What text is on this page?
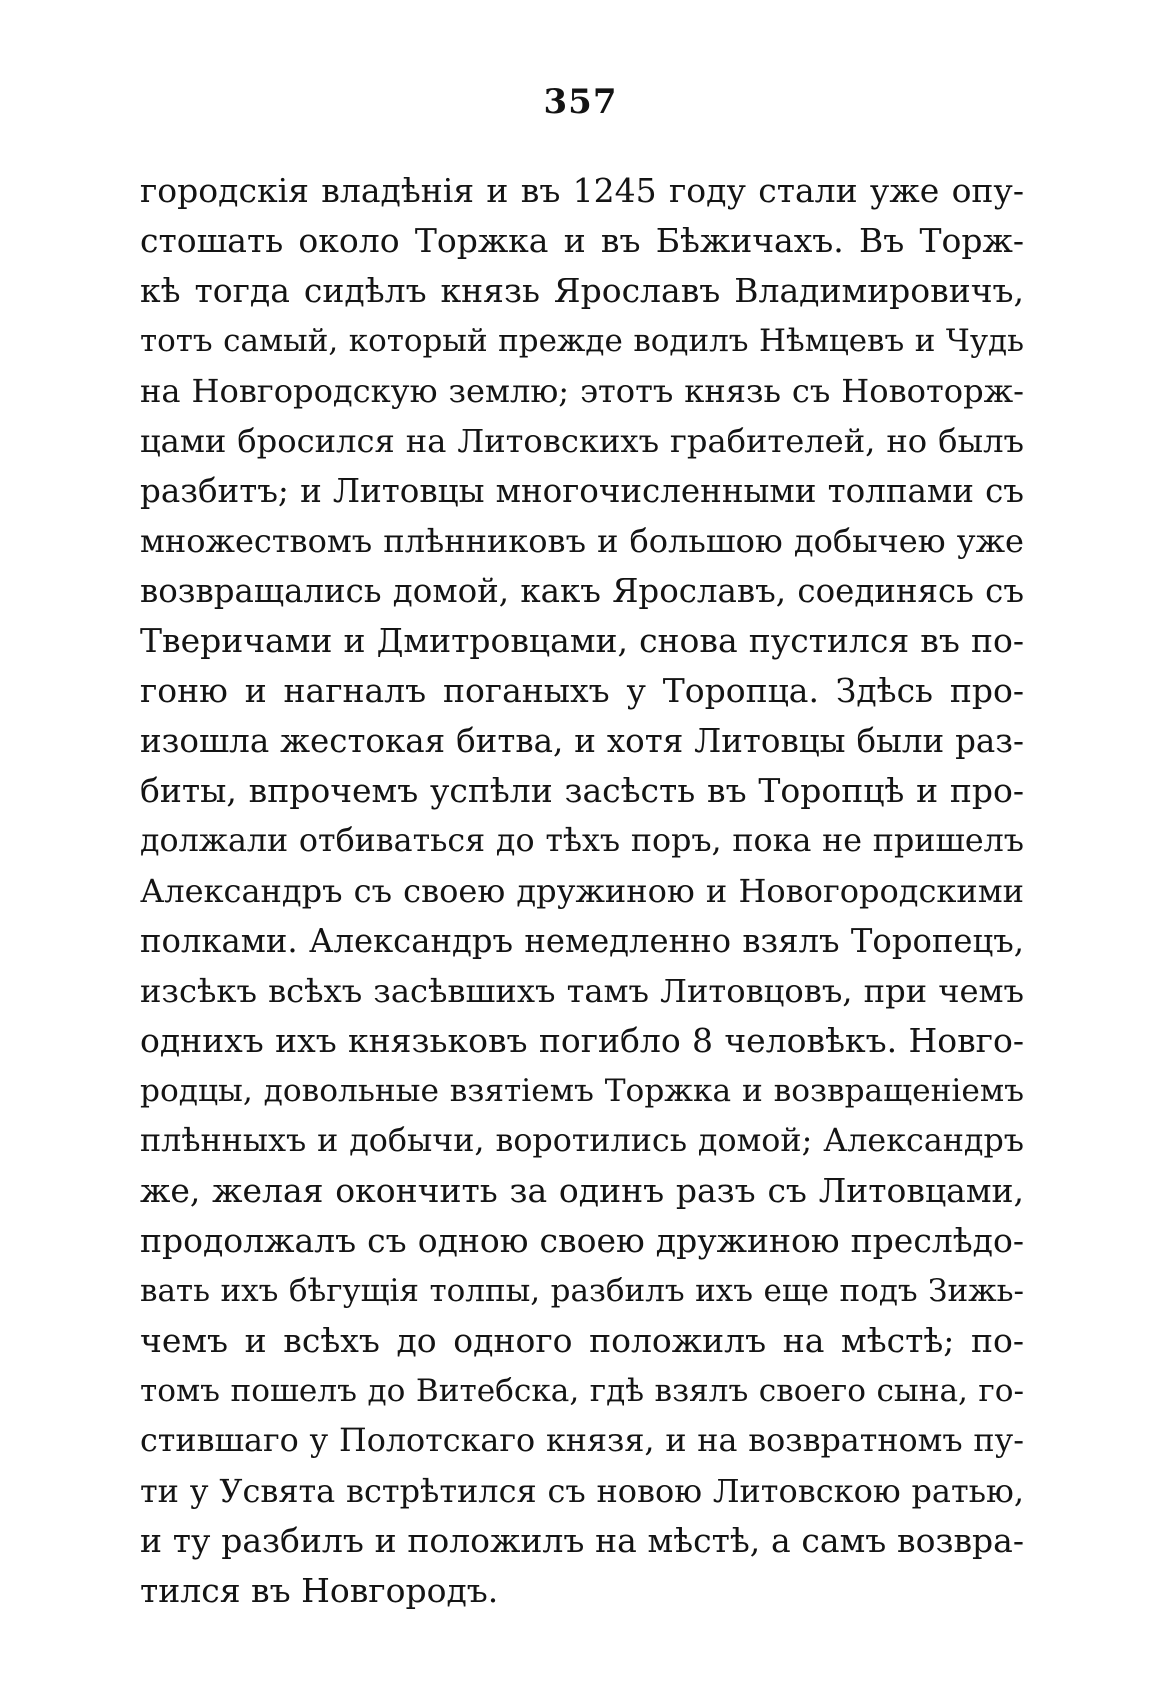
357
городскія владѣнія и въ 1245 году стали уже опу-
стошать около Торжка и въ Бѣжичахъ. Въ Торж-
кѣ тогда сидѣлъ князь Ярославъ Владимировичъ,
тотъ самый, который прежде водилъ Нѣмцевъ и Чудь
на Новгородскую землю; этотъ князь съ Новоторж-
цами бросился на Литовскихъ грабителей, но былъ
разбитъ; и Литовцы многочисленными толпами съ
множествомъ плѣнниковъ и большою добычею уже
возвращались домой, какъ Ярославъ, соединясь съ
Тверичами и Дмитровцами, снова пустился въ по-
гоню и нагналъ поганыхъ у Торопца. Здѣсь про-
изошла жестокая битва, и хотя Литовцы были раз-
биты, впрочемъ успѣли засѣсть въ Торопцѣ и про-
должали отбиваться до тѣхъ поръ, пока не пришелъ
Александръ съ своею дружиною и Новогородскими
полками. Александръ немедленно взялъ Торопецъ,
изсѣкъ всѣхъ засѣвшихъ тамъ Литовцовъ, при чемъ
однихъ ихъ князьковъ погибло 8 человѣкъ. Новго-
родцы, довольные взятіемъ Торжка и возвращеніемъ
плѣнныхъ и добычи, воротились домой; Александръ
же, желая окончить за одинъ разъ съ Литовцами,
продолжалъ съ одною своею дружиною преслѣдо-
вать ихъ бѣгущія толпы, разбилъ ихъ еще подъ Зижь-
чемъ и всѣхъ до одного положилъ на мѣстѣ; по-
томъ пошелъ до Витебска, гдѣ взялъ своего сына, го-
стившаго у Полотскаго князя, и на возвратномъ пу-
ти у Усвята встрѣтился съ новою Литовскою ратью,
и ту разбилъ и положилъ на мѣстѣ, а самъ возвра-
тился въ Новгородъ.
